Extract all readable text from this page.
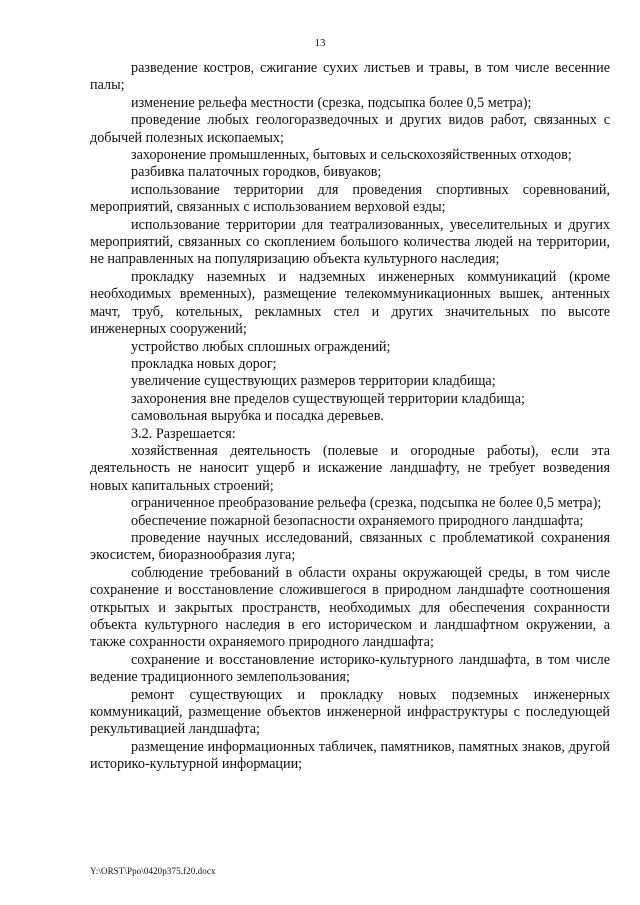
13

разведение костров, сжигание сухих листьев и травы, в том числе весенние палы;

изменение рельефа местности (срезка, подсыпка более 0,5 метра);

проведение любых геологоразведочных и других видов работ, связанных с добычей полезных ископаемых;

захоронение промышленных, бытовых и сельскохозяйственных отходов;

разбивка палаточных городков, бивуаков;

использование территории для проведения спортивных соревнований, мероприятий, связанных с использованием верховой езды;

использование территории для театрализованных, увеселительных и других мероприятий, связанных со скоплением большого количества людей на территории, не направленных на популяризацию объекта культурного наследия;

прокладку наземных и надземных инженерных коммуникаций (кроме необходимых временных), размещение телекоммуникационных вышек, антенных мачт, труб, котельных, рекламных стел и других значительных по высоте инженерных сооружений;

устройство любых сплошных ограждений;

прокладка новых дорог;

увеличение существующих размеров территории кладбища;

захоронения вне пределов существующей территории кладбища;

самовольная вырубка и посадка деревьев.

3.2. Разрешается:

хозяйственная деятельность (полевые и огородные работы), если эта деятельность не наносит ущерб и искажение ландшафту, не требует возведения новых капитальных строений;

ограниченное преобразование рельефа (срезка, подсыпка не более 0,5 метра);

обеспечение пожарной безопасности охраняемого природного ландшафта;

проведение научных исследований, связанных с проблематикой сохранения экосистем, биоразнообразия луга;

соблюдение требований в области охраны окружающей среды, в том числе сохранение и восстановление сложившегося в природном ландшафте соотношения открытых и закрытых пространств, необходимых для обеспечения сохранности объекта культурного наследия в его историческом и ландшафтном окружении, а также сохранности охраняемого природного ландшафта;

сохранение и восстановление историко-культурного ландшафта, в том числе ведение традиционного землепользования;

ремонт существующих и прокладку новых подземных инженерных коммуникаций, размещение объектов инженерной инфраструктуры с последующей рекультивацией ландшафта;

размещение информационных табличек, памятников, памятных знаков, другой историко-культурной информации;

Y:\ORST\Ppo\0420p375.f20.docx
